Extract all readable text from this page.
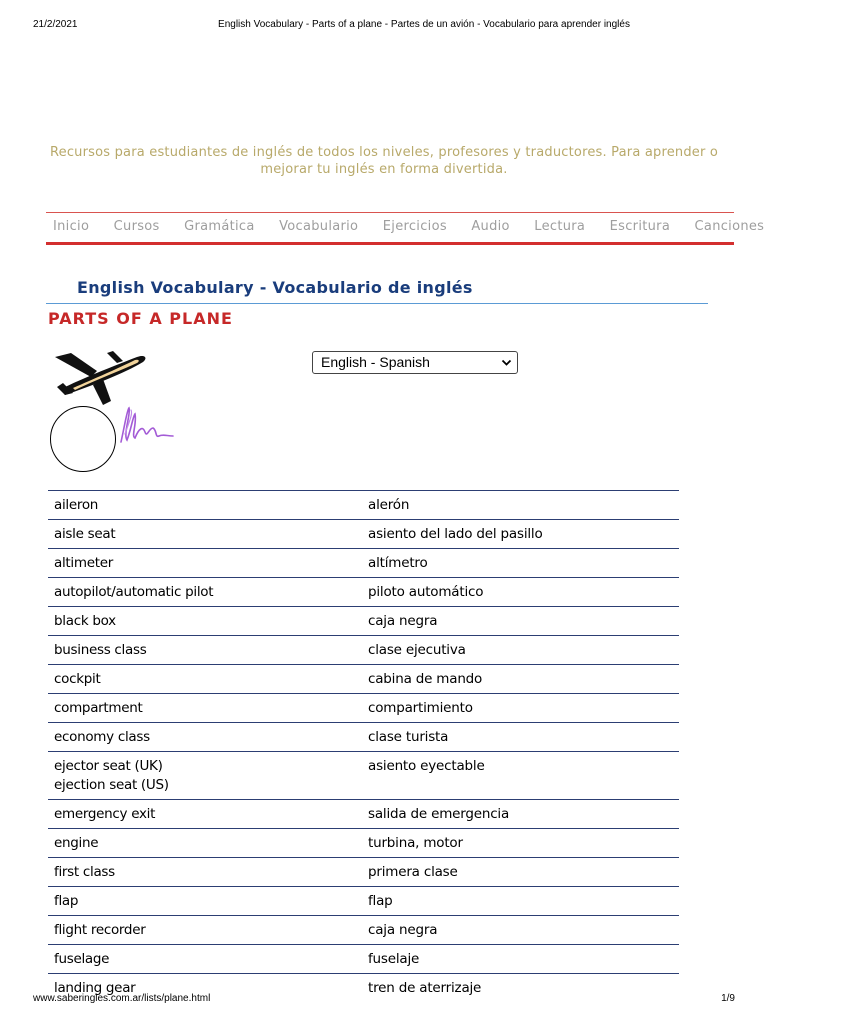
21/2/2021	English Vocabulary - Parts of a plane - Partes de un avión - Vocabulario para aprender inglés
Recursos para estudiantes de inglés de todos los niveles, profesores y traductores. Para aprender o mejorar tu inglés en forma divertida.
Inicio Cursos Gramática Vocabulario Ejercicios Audio Lectura Escritura Canciones
English Vocabulary - Vocabulario de inglés
PARTS OF A PLANE
English - Spanish
aileron	alerón
aisle seat	asiento del lado del pasillo
altimeter	altímetro
autopilot/automatic pilot	piloto automático
black box	caja negra
business class	clase ejecutiva
cockpit	cabina de mando
compartment	compartimiento
economy class	clase turista
ejector seat (UK)
ejection seat (US)	asiento eyectable
emergency exit	salida de emergencia
engine	turbina, motor
first class	primera clase
flap	flap
flight recorder	caja negra
fuselage	fuselaje
landing gear	tren de aterrizaje
www.saberingles.com.ar/lists/plane.html	1/9
